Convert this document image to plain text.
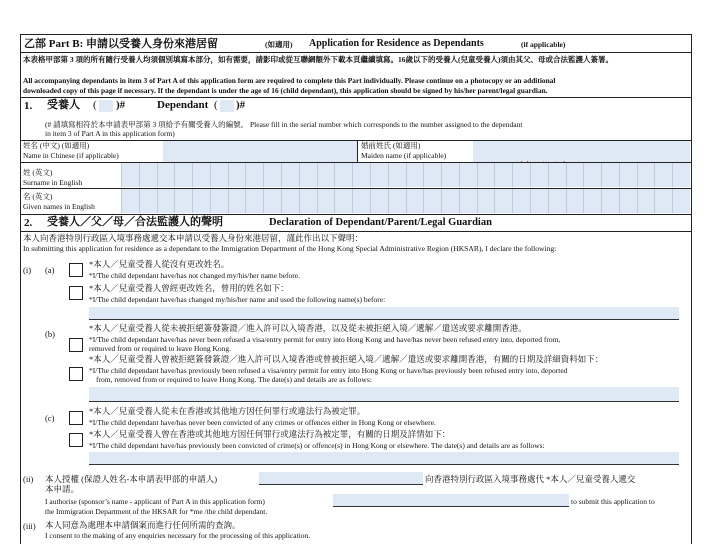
乙部 Part B: 申請以受養人身份來港居留	(如適用) Application for Residence as Dependants	(if applicable)
本表格甲部第 3 項的所有隨行受養人均須個別填寫本部分，如有需要，請影印或從互聯網額外下載本頁繼續填寫。16歲以下的受養人(兒童受養人)須由其父、母或合法監護人簽署。
All accompanying dependants in item 3 of Part A of this application form are required to complete this Part individually. Please continue on a photocopy or an additional
downloaded copy of this page if necessary. If the dependant is under the age of 16 (child dependant), this application should be signed by his/her parent/legal guardian.
1. 受養人 ( )#	Dependant ( )#
(# 請填寫相符於本申請表甲部第 3 項給予有關受養人的編號。 Please fill in the serial number which corresponds to the number assigned to the dependant
in item 3 of Part A in this application form)
姓名 (中文) (如適用)
Name in Chinese (if applicable)
婚前姓氏 (如適用)
Maiden name (if applicable)
姓 (英文)
Surname in English
名 (英文)
Given names in English
2. 受養人／父／母／合法監護人的聲明	Declaration of Dependant/Parent/Legal Guardian
本人向香港特別行政區入境事務處遞交本申請以受養人身份來港居留，謹此作出以下聲明：
In submitting this application for residence as a dependant to the Immigration Department of the Hong Kong Special Administrative Region (HKSAR), I declare the following:
(i) (a)
*本人／兒童受養人從沒有更改姓名。
*I/The child dependant have/has not changed my/his/her name before.
*本人／兒童受養人曾經更改姓名，曾用的姓名如下：
*I/The child dependant have/has changed my/his/her name and used the following name(s) before:
(b)
*本人／兒童受養人從未被拒絕簽發簽證／進入許可以入境香港，以及從未被拒絕入境／遞解／遣送或要求離開香港。
*I/The child dependant have/has never been refused a visa/entry permit for entry into Hong Kong and have/has never been refused entry into, deported from,
removed from or required to leave Hong Kong.
*本人／兒童受養人曾被拒絕簽發簽證／進入許可以入境香港或曾被拒絕入境／遞解／遣送或要求離開香港，有關的日期及詳細資料如下：
*I/The child dependant have/has previously been refused a visa/entry permit for entry into Hong Kong or have/has previously been refused entry into, deported
from, removed from or required to leave Hong Kong. The date(s) and details are as follows:
(c)
*本人／兒童受養人從未在香港或其他地方因任何罪行或違法行為被定罪。
*I/The child dependant have/has never been convicted of any crimes or offences either in Hong Kong or elsewhere.
*本人／兒童受養人曾在香港或其他地方因任何罪行或違法行為被定罪，有關的日期及詳情如下：
*I/The child dependant have/has previously been convicted of crime(s) or offence(s) in Hong Kong or elsewhere. The date(s) and details are as follows:
(ii) 本人授權 (保證人姓名-本申請表甲部的申請人)	向香港特別行政區入境事務處代 *本人／兒童受養人遞交
本申請。
I authorise (sponsor’s name - applicant of Part A in this application form)	to submit this application to
the Immigration Department of the HKSAR for *me /the child dependant.
(iii) 本人同意為處理本申請個案而進行任何所需的查詢。
I consent to the making of any enquiries necessary for the processing of this application.
